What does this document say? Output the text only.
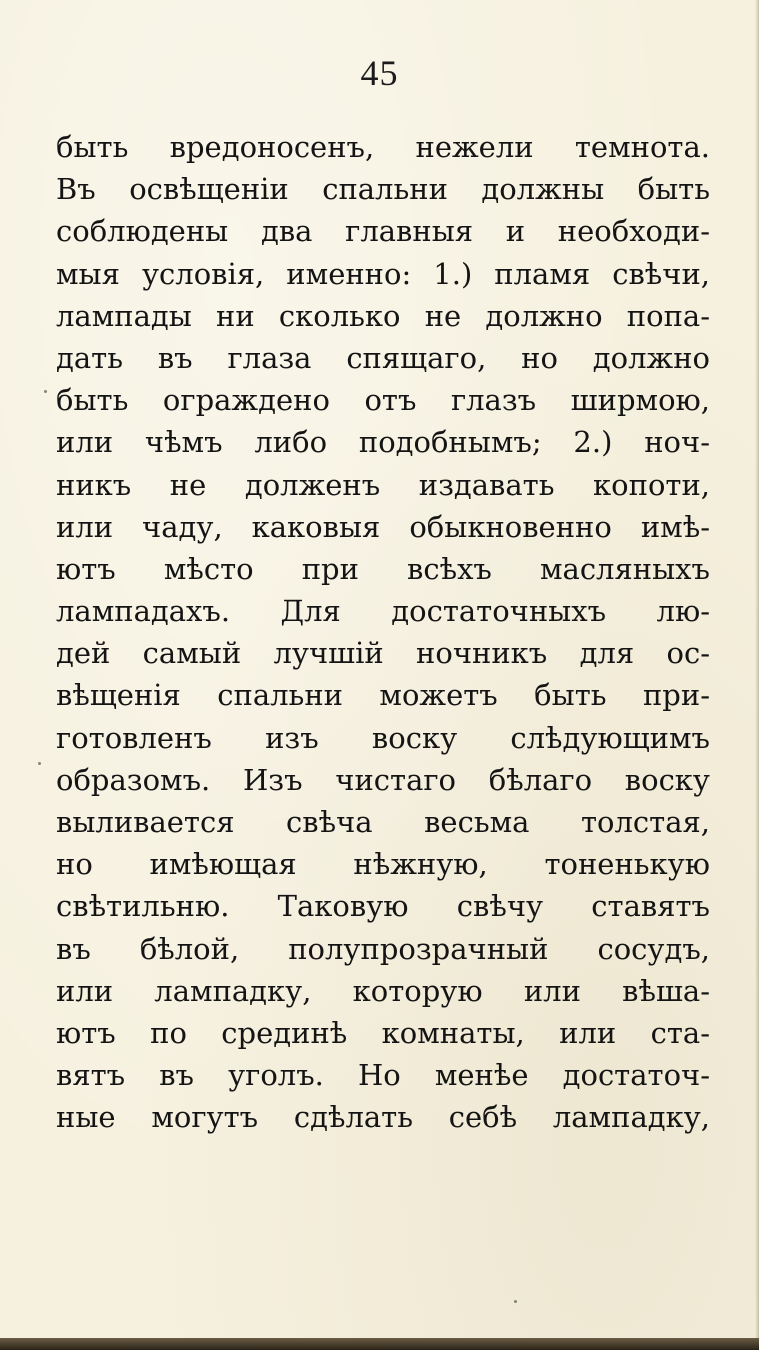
45
быть вредоносенъ, нежели темнота.
Въ освѣщеніи спальни должны быть
соблюдены два главныя и необходи-
мыя условія, именно: 1.) пламя свѣчи,
лампады ни сколько не должно попа-
дать въ глаза спящаго, но должно
быть ограждено отъ глазъ ширмою,
или чѣмъ либо подобнымъ; 2.) ноч-
никъ не долженъ издавать копоти,
или чаду, каковыя обыкновенно имѣ-
ютъ мѣсто при всѣхъ масляныхъ
лампадахъ. Для достаточныхъ лю-
дей самый лучшій ночникъ для ос-
вѣщенія спальни можетъ быть при-
готовленъ изъ воску слѣдующимъ
образомъ. Изъ чистаго бѣлаго воску
выливается свѣча весьма толстая,
но имѣющая нѣжную, тоненькую
свѣтильню. Таковую свѣчу ставятъ
въ бѣлой, полупрозрачный сосудъ,
или лампадку, которую или вѣша-
ютъ по срединѣ комнаты, или ста-
вятъ въ уголъ. Но менѣе достаточ-
ные могутъ сдѣлать себѣ лампадку,
